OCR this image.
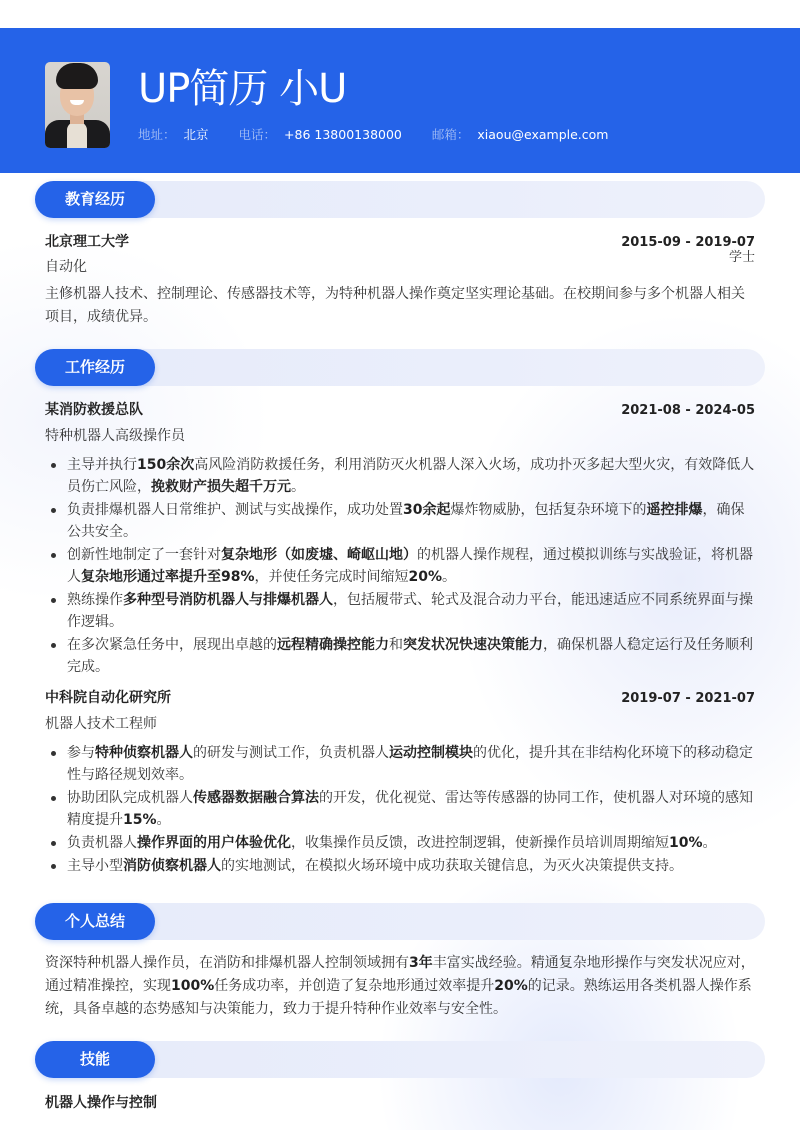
UP简历 小U
地址： 北京 电话： +86 13800138000 邮箱： xiaou@example.com
教育经历
北京理工大学	2015-09 - 2019-07
自动化
学士
主修机器人技术、控制理论、传感器技术等，为特种机器人操作奠定坚实理论基础。在校期间参与多个机器人相关项目，成绩优异。
工作经历
某消防救援总队	2021-08 - 2024-05
特种机器人高级操作员
主导并执行150余次高风险消防救援任务，利用消防灭火机器人深入火场，成功扑灭多起大型火灾，有效降低人员伤亡风险，挽救财产损失超千万元。
负责排爆机器人日常维护、测试与实战操作，成功处置30余起爆炸物威胁，包括复杂环境下的遥控排爆，确保公共安全。
创新性地制定了一套针对复杂地形（如废墟、崎岖山地）的机器人操作规程，通过模拟训练与实战验证，将机器人复杂地形通过率提升至98%，并使任务完成时间缩短20%。
熟练操作多种型号消防机器人与排爆机器人，包括履带式、轮式及混合动力平台，能迅速适应不同系统界面与操作逻辑。
在多次紧急任务中，展现出卓越的远程精确操控能力和突发状况快速决策能力，确保机器人稳定运行及任务顺利完成。
中科院自动化研究所	2019-07 - 2021-07
机器人技术工程师
参与特种侦察机器人的研发与测试工作，负责机器人运动控制模块的优化，提升其在非结构化环境下的移动稳定性与路径规划效率。
协助团队完成机器人传感器数据融合算法的开发，优化视觉、雷达等传感器的协同工作，使机器人对环境的感知精度提升15%。
负责机器人操作界面的用户体验优化，收集操作员反馈，改进控制逻辑，使新操作员培训周期缩短10%。
主导小型消防侦察机器人的实地测试，在模拟火场环境中成功获取关键信息，为灭火决策提供支持。
个人总结
资深特种机器人操作员，在消防和排爆机器人控制领域拥有3年丰富实战经验。精通复杂地形操作与突发状况应对，通过精准操控，实现100%任务成功率，并创造了复杂地形通过效率提升20%的记录。熟练运用各类机器人操作系统，具备卓越的态势感知与决策能力，致力于提升特种作业效率与安全性。
技能
机器人操作与控制
